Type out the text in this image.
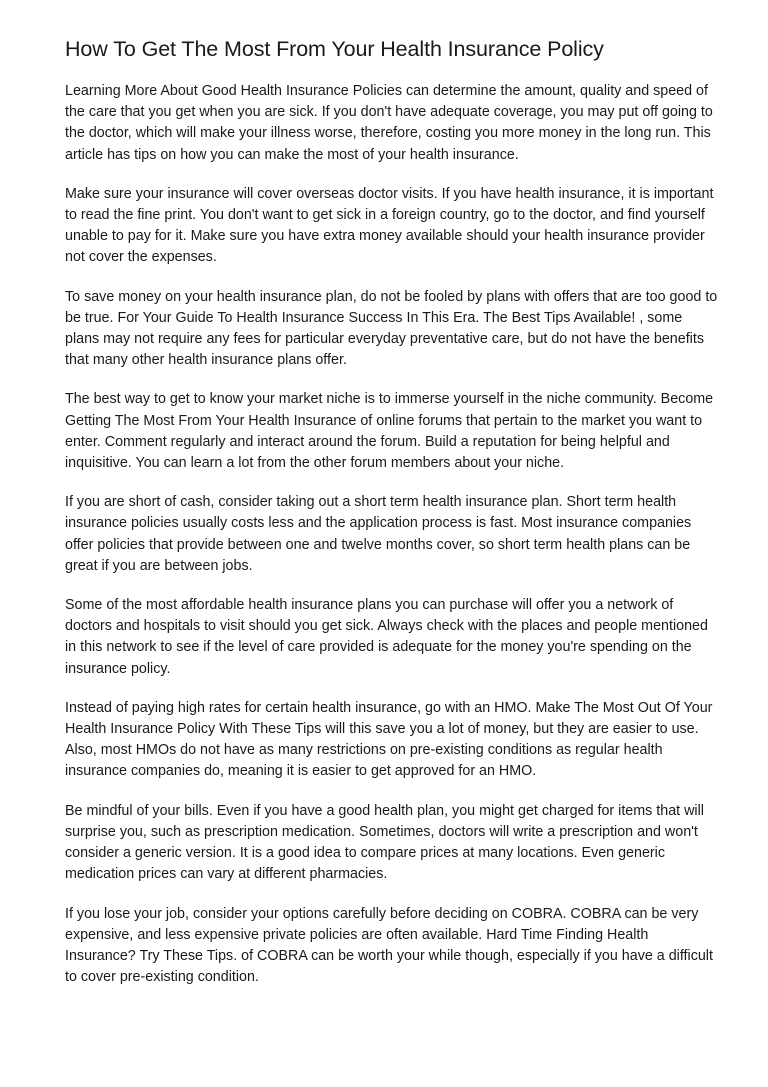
How To Get The Most From Your Health Insurance Policy

Learning More About Good Health Insurance Policies can determine the amount, quality and speed of the care that you get when you are sick. If you don't have adequate coverage, you may put off going to the doctor, which will make your illness worse, therefore, costing you more money in the long run. This article has tips on how you can make the most of your health insurance.

Make sure your insurance will cover overseas doctor visits. If you have health insurance, it is important to read the fine print. You don't want to get sick in a foreign country, go to the doctor, and find yourself unable to pay for it. Make sure you have extra money available should your health insurance provider not cover the expenses.

To save money on your health insurance plan, do not be fooled by plans with offers that are too good to be true. For Your Guide To Health Insurance Success In This Era. The Best Tips Available! , some plans may not require any fees for particular everyday preventative care, but do not have the benefits that many other health insurance plans offer.

The best way to get to know your market niche is to immerse yourself in the niche community. Become Getting The Most From Your Health Insurance of online forums that pertain to the market you want to enter. Comment regularly and interact around the forum. Build a reputation for being helpful and inquisitive. You can learn a lot from the other forum members about your niche.

If you are short of cash, consider taking out a short term health insurance plan. Short term health insurance policies usually costs less and the application process is fast. Most insurance companies offer policies that provide between one and twelve months cover, so short term health plans can be great if you are between jobs.

Some of the most affordable health insurance plans you can purchase will offer you a network of doctors and hospitals to visit should you get sick. Always check with the places and people mentioned in this network to see if the level of care provided is adequate for the money you're spending on the insurance policy.

Instead of paying high rates for certain health insurance, go with an HMO. Make The Most Out Of Your Health Insurance Policy With These Tips will this save you a lot of money, but they are easier to use. Also, most HMOs do not have as many restrictions on pre-existing conditions as regular health insurance companies do, meaning it is easier to get approved for an HMO.

Be mindful of your bills. Even if you have a good health plan, you might get charged for items that will surprise you, such as prescription medication. Sometimes, doctors will write a prescription and won't consider a generic version. It is a good idea to compare prices at many locations. Even generic medication prices can vary at different pharmacies.

If you lose your job, consider your options carefully before deciding on COBRA. COBRA can be very expensive, and less expensive private policies are often available. Hard Time Finding Health Insurance? Try These Tips. of COBRA can be worth your while though, especially if you have a difficult to cover pre-existing condition.
